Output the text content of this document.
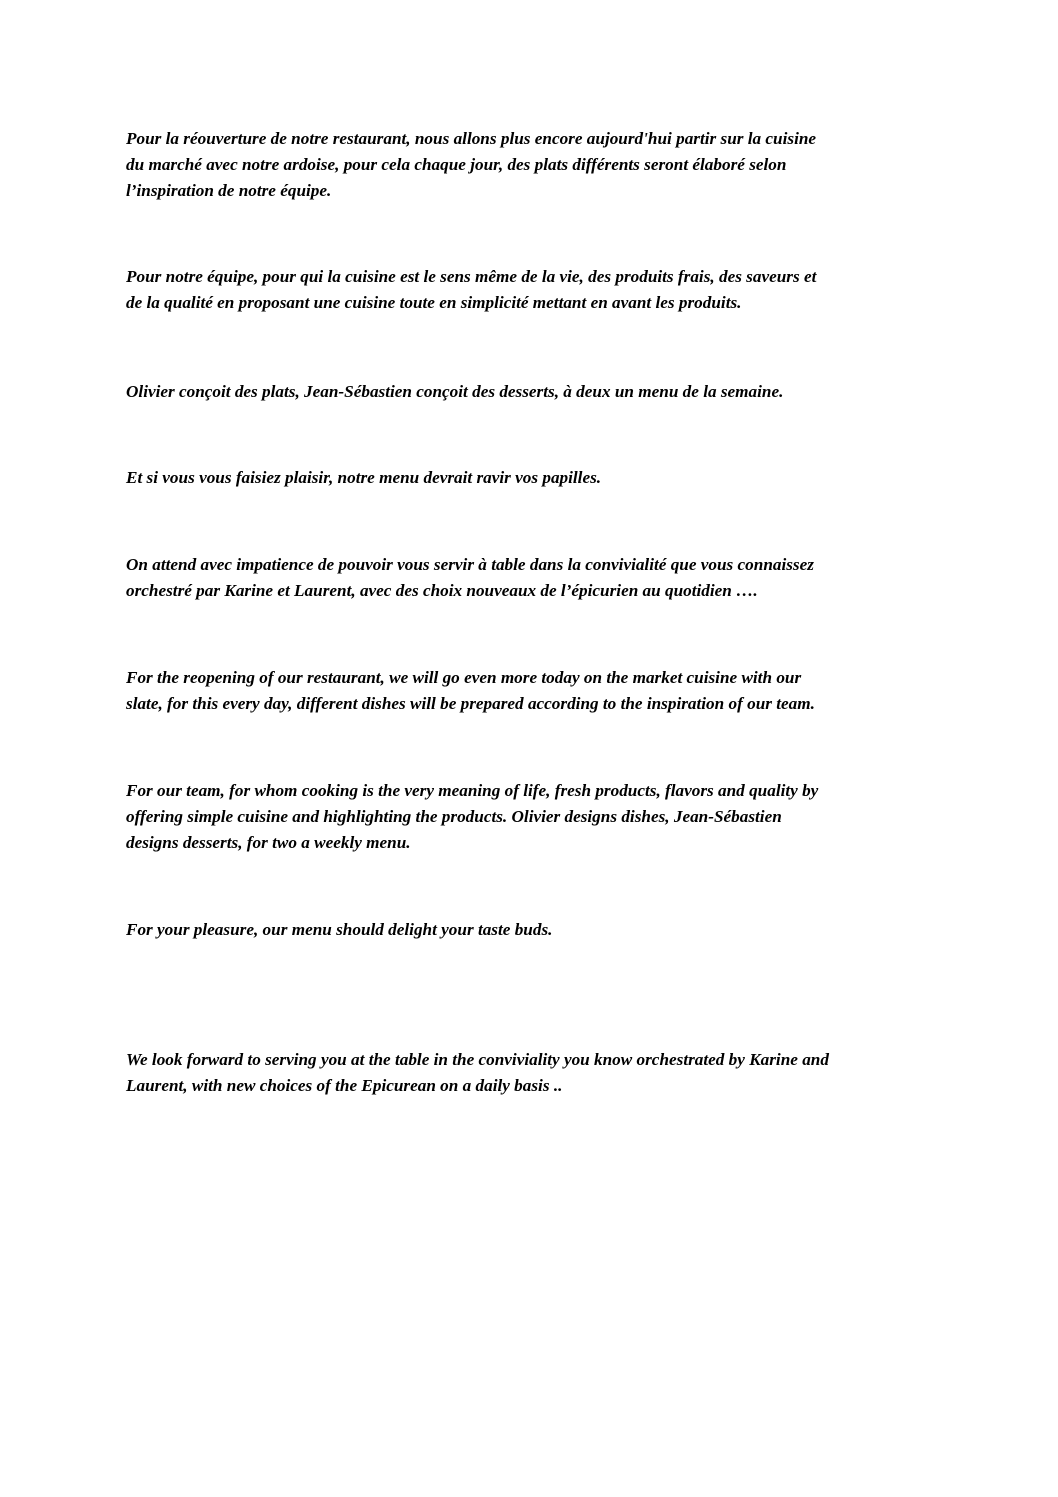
Pour la réouverture de notre restaurant, nous allons plus encore aujourd'hui partir sur la cuisine
du marché avec notre ardoise, pour cela chaque jour, des plats différents seront élaboré selon
l’inspiration de notre équipe.

Pour notre équipe, pour qui la cuisine est le sens même de la vie, des produits frais, des saveurs et
de la qualité en proposant une cuisine toute en simplicité mettant en avant les produits.

Olivier conçoit des plats, Jean-Sébastien conçoit des desserts, à deux un menu de la semaine.

Et si vous vous faisiez plaisir, notre menu devrait ravir vos papilles.

On attend avec impatience de pouvoir vous servir à table dans la convivialité que vous connaissez
orchestré par Karine et Laurent, avec des choix nouveaux de l’épicurien au quotidien ….

For the reopening of our restaurant, we will go even more today on the market cuisine with our
slate, for this every day, different dishes will be prepared according to the inspiration of our team.

For our team, for whom cooking is the very meaning of life, fresh products, flavors and quality by
offering simple cuisine and highlighting the products. Olivier designs dishes, Jean-Sébastien
designs desserts, for two a weekly menu.

For your pleasure, our menu should delight your taste buds.

We look forward to serving you at the table in the conviviality you know orchestrated by Karine and
Laurent, with new choices of the Epicurean on a daily basis ..
